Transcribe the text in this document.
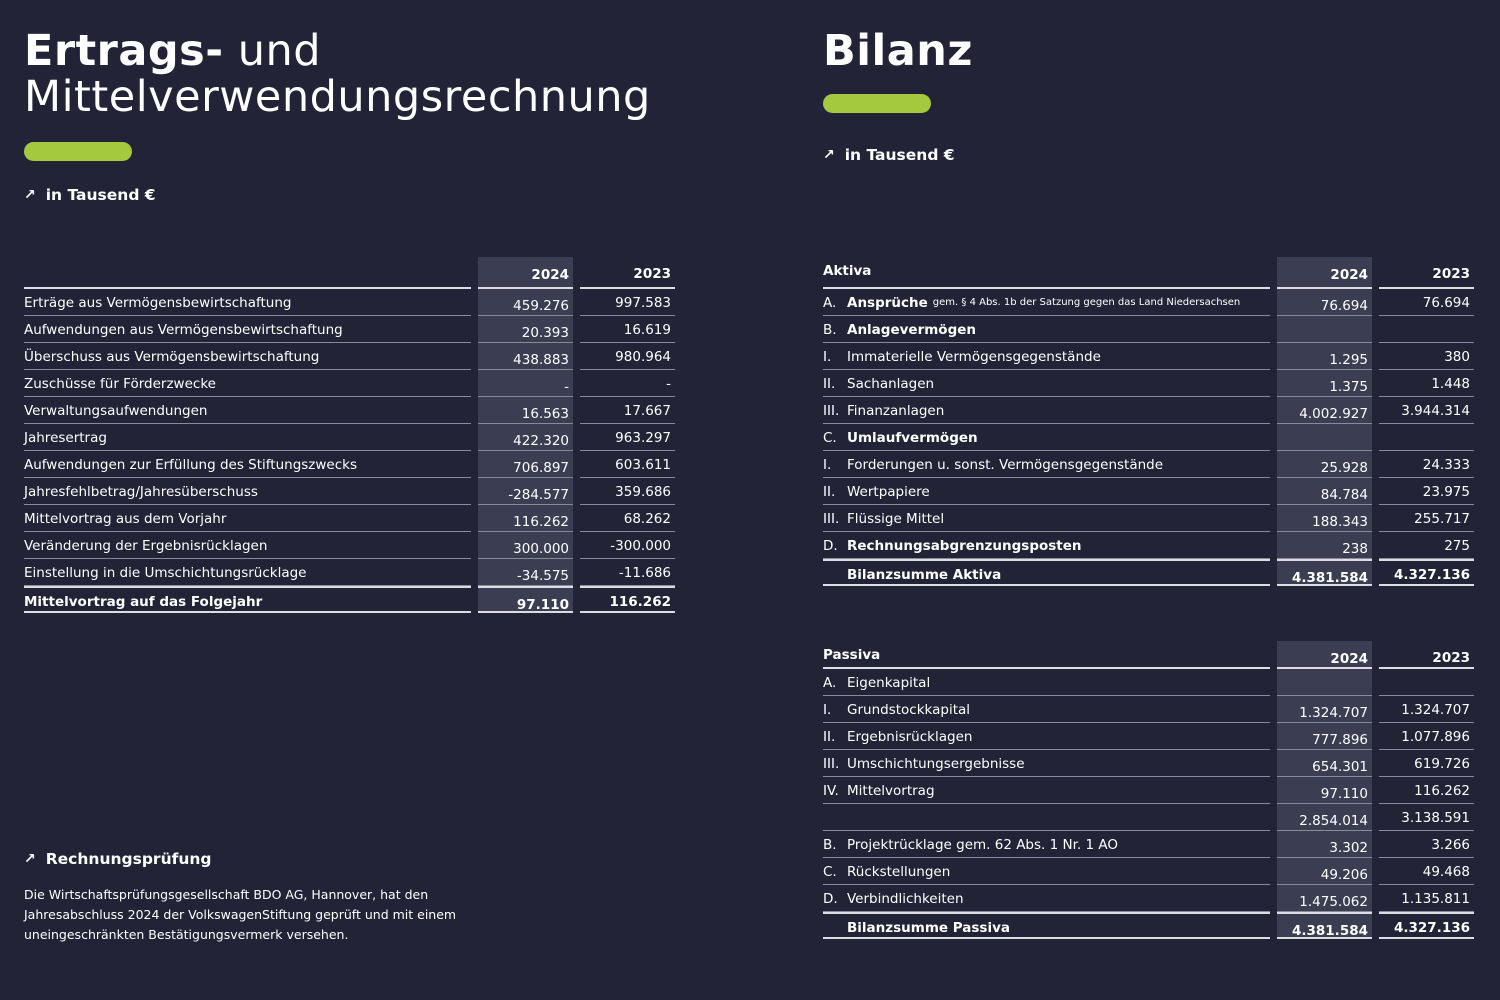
Ertrags- und
Mittelverwendungsrechnung
↗ in Tausend €
2024	2023
Erträge aus Vermögensbewirtschaftung	459.276	997.583
Aufwendungen aus Vermögensbewirtschaftung	20.393	16.619
Überschuss aus Vermögensbewirtschaftung	438.883	980.964
Zuschüsse für Förderzwecke	-	-
Verwaltungsaufwendungen	16.563	17.667
Jahresertrag	422.320	963.297
Aufwendungen zur Erfüllung des Stiftungszwecks	706.897	603.611
Jahresfehlbetrag/Jahresüberschuss	-284.577	359.686
Mittelvortrag aus dem Vorjahr	116.262	68.262
Veränderung der Ergebnisrücklagen	300.000	-300.000
Einstellung in die Umschichtungsrücklage	-34.575	-11.686
Mittelvortrag auf das Folgejahr	97.110	116.262
↗ Rechnungsprüfung
Die Wirtschaftsprüfungsgesellschaft BDO AG, Hannover, hat den Jahresabschluss 2024 der VolkswagenStiftung geprüft und mit einem uneingeschränkten Bestätigungsvermerk versehen.
Bilanz
↗ in Tausend €
Aktiva	2024	2023
A. Ansprüche gem. § 4 Abs. 1b der Satzung gegen das Land Niedersachsen	76.694	76.694
B. Anlagevermögen
I.	Immaterielle Vermögensgegenstände	1.295	380
II. Sachanlagen	1.375	1.448
III. Finanzanlagen	4.002.927	3.944.314
C. Umlaufvermögen
I.	Forderungen u. sonst. Vermögensgegenstände	25.928	24.333
II. Wertpapiere	84.784	23.975
III. Flüssige Mittel	188.343	255.717
D. Rechnungsabgrenzungsposten	238	275
Bilanzsumme Aktiva	4.381.584	4.327.136
Passiva	2024	2023
A. Eigenkapital
I.	Grundstockkapital	1.324.707	1.324.707
II. Ergebnisrücklagen	777.896	1.077.896
III. Umschichtungsergebnisse	654.301	619.726
IV. Mittelvortrag	97.110	116.262
2.854.014	3.138.591
B. Projektrücklage gem. 62 Abs. 1 Nr. 1 AO	3.302	3.266
C. Rückstellungen	49.206	49.468
D. Verbindlichkeiten	1.475.062	1.135.811
Bilanzsumme Passiva	4.381.584	4.327.136
